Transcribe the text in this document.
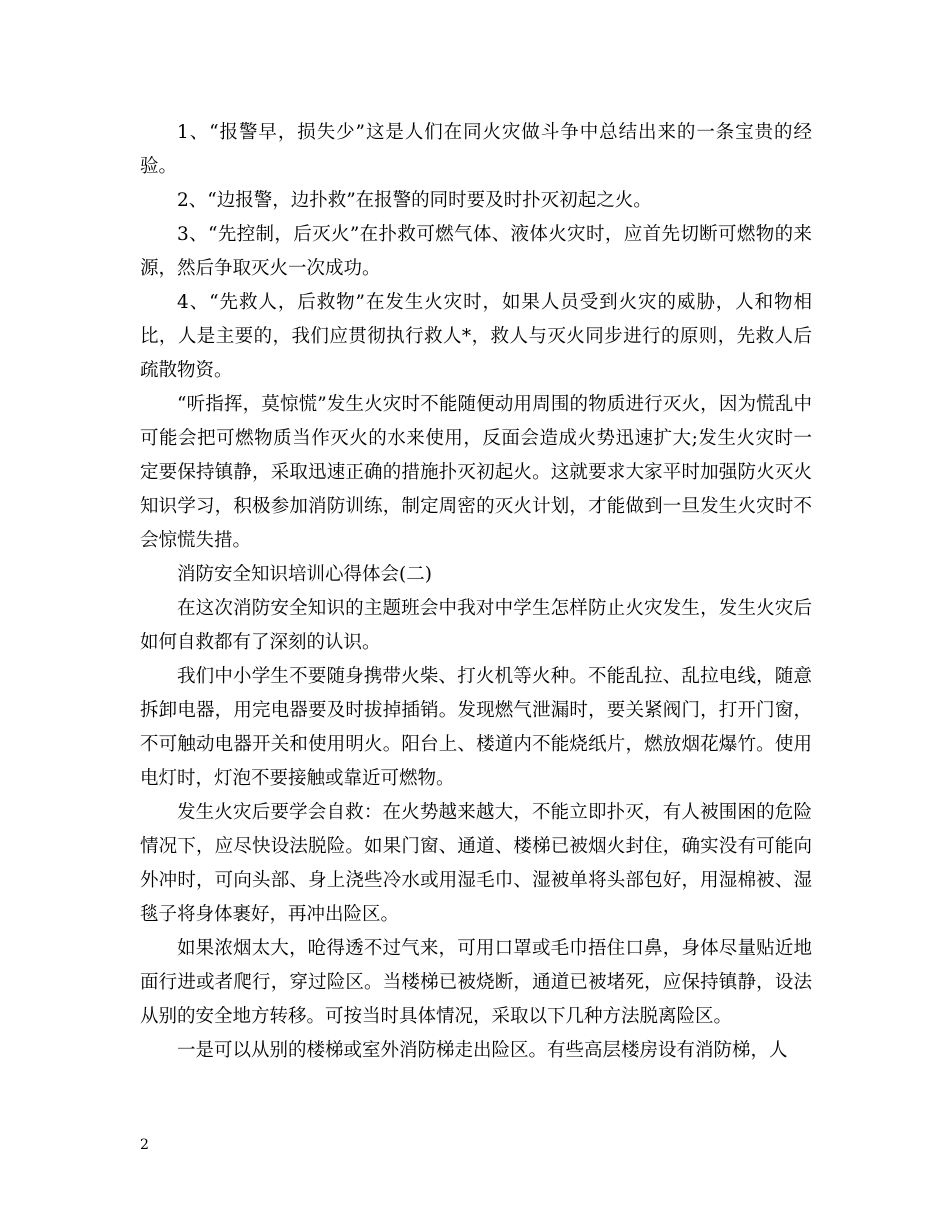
1、“报警早，损失少”这是人们在同火灾做斗争中总结出来的一条宝贵的经验。

2、“边报警，边扑救”在报警的同时要及时扑灭初起之火。

3、“先控制，后灭火”在扑救可燃气体、液体火灾时，应首先切断可燃物的来源，然后争取灭火一次成功。

4、“先救人，后救物”在发生火灾时，如果人员受到火灾的威胁，人和物相比，人是主要的，我们应贯彻执行救人*，救人与灭火同步进行的原则，先救人后疏散物资。

“听指挥，莫惊慌”发生火灾时不能随便动用周围的物质进行灭火，因为慌乱中可能会把可燃物质当作灭火的水来使用，反面会造成火势迅速扩大;发生火灾时一定要保持镇静，采取迅速正确的措施扑灭初起火。这就要求大家平时加强防火灭火知识学习，积极参加消防训练，制定周密的灭火计划，才能做到一旦发生火灾时不会惊慌失措。

消防安全知识培训心得体会(二)

在这次消防安全知识的主题班会中我对中学生怎样防止火灾发生，发生火灾后如何自救都有了深刻的认识。

我们中小学生不要随身携带火柴、打火机等火种。不能乱拉、乱拉电线，随意拆卸电器，用完电器要及时拔掉插销。发现燃气泄漏时，要关紧阀门，打开门窗，不可触动电器开关和使用明火。阳台上、楼道内不能烧纸片，燃放烟花爆竹。使用电灯时，灯泡不要接触或靠近可燃物。

发生火灾后要学会自救：在火势越来越大，不能立即扑灭，有人被围困的危险情况下，应尽快设法脱险。如果门窗、通道、楼梯已被烟火封住，确实没有可能向外冲时，可向头部、身上浇些冷水或用湿毛巾、湿被单将头部包好，用湿棉被、湿毯子将身体裹好，再冲出险区。

如果浓烟太大，呛得透不过气来，可用口罩或毛巾捂住口鼻，身体尽量贴近地面行进或者爬行，穿过险区。当楼梯已被烧断，通道已被堵死，应保持镇静，设法从别的安全地方转移。可按当时具体情况，采取以下几种方法脱离险区。

一是可以从别的楼梯或室外消防梯走出险区。有些高层楼房设有消防梯，人

2
